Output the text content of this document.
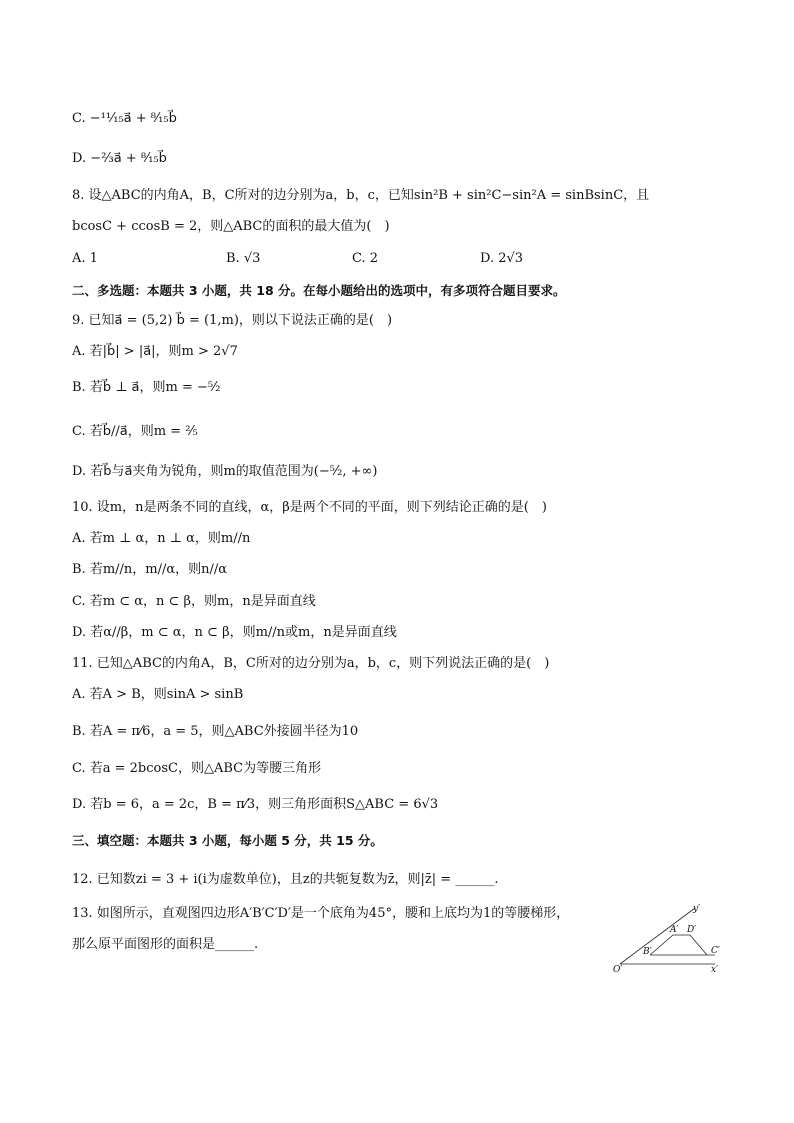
C. −¹¹⁄₁₅a⃗ + ⁸⁄₁₅b⃗
D. −²⁄₃a⃗ + ⁸⁄₁₅b⃗
8. 设△ABC的内角A，B，C所对的边分别为a，b，c，已知sin²B + sin²C−sin²A = sinBsinC，且
bcosC + ccosB = 2，则△ABC的面积的最大值为(　)
A. 1	B. √3	C. 2	D. 2√3
二、多选题：本题共 3 小题，共 18 分。在每小题给出的选项中，有多项符合题目要求。
9. 已知a⃗ = (5,2) b⃗ = (1,m)，则以下说法正确的是(　)
A. 若|b⃗| > |a⃗|，则m > 2√7
B. 若b⃗ ⊥ a⃗，则m = −⁵⁄₂
C. 若b⃗//a⃗，则m = ²⁄₅
D. 若b⃗与a⃗夹角为锐角，则m的取值范围为(−⁵⁄₂, +∞)
10. 设m，n是两条不同的直线，α，β是两个不同的平面，则下列结论正确的是(　)
A. 若m ⊥ α，n ⊥ α，则m//n
B. 若m//n，m//α，则n//α
C. 若m ⊂ α，n ⊂ β，则m，n是异面直线
D. 若α//β，m ⊂ α，n ⊂ β，则m//n或m，n是异面直线
11. 已知△ABC的内角A，B，C所对的边分别为a，b，c，则下列说法正确的是(　)
A. 若A > B，则sinA > sinB
B. 若A = π⁄6，a = 5，则△ABC外接圆半径为10
C. 若a = 2bcosC，则△ABC为等腰三角形
D. 若b = 6，a = 2c，B = π⁄3，则三角形面积S△ABC = 6√3
三、填空题：本题共 3 小题，每小题 5 分，共 15 分。
12. 已知数zi = 3 + i(i为虚数单位)，且z的共轭复数为z̄，则|z̄| = ______.
13. 如图所示，直观图四边形A′B′C′D′是一个底角为45°，腰和上底均为1的等腰梯形，
那么原平面图形的面积是______.
y′
A′ D′
B′	C′
O′	x′
